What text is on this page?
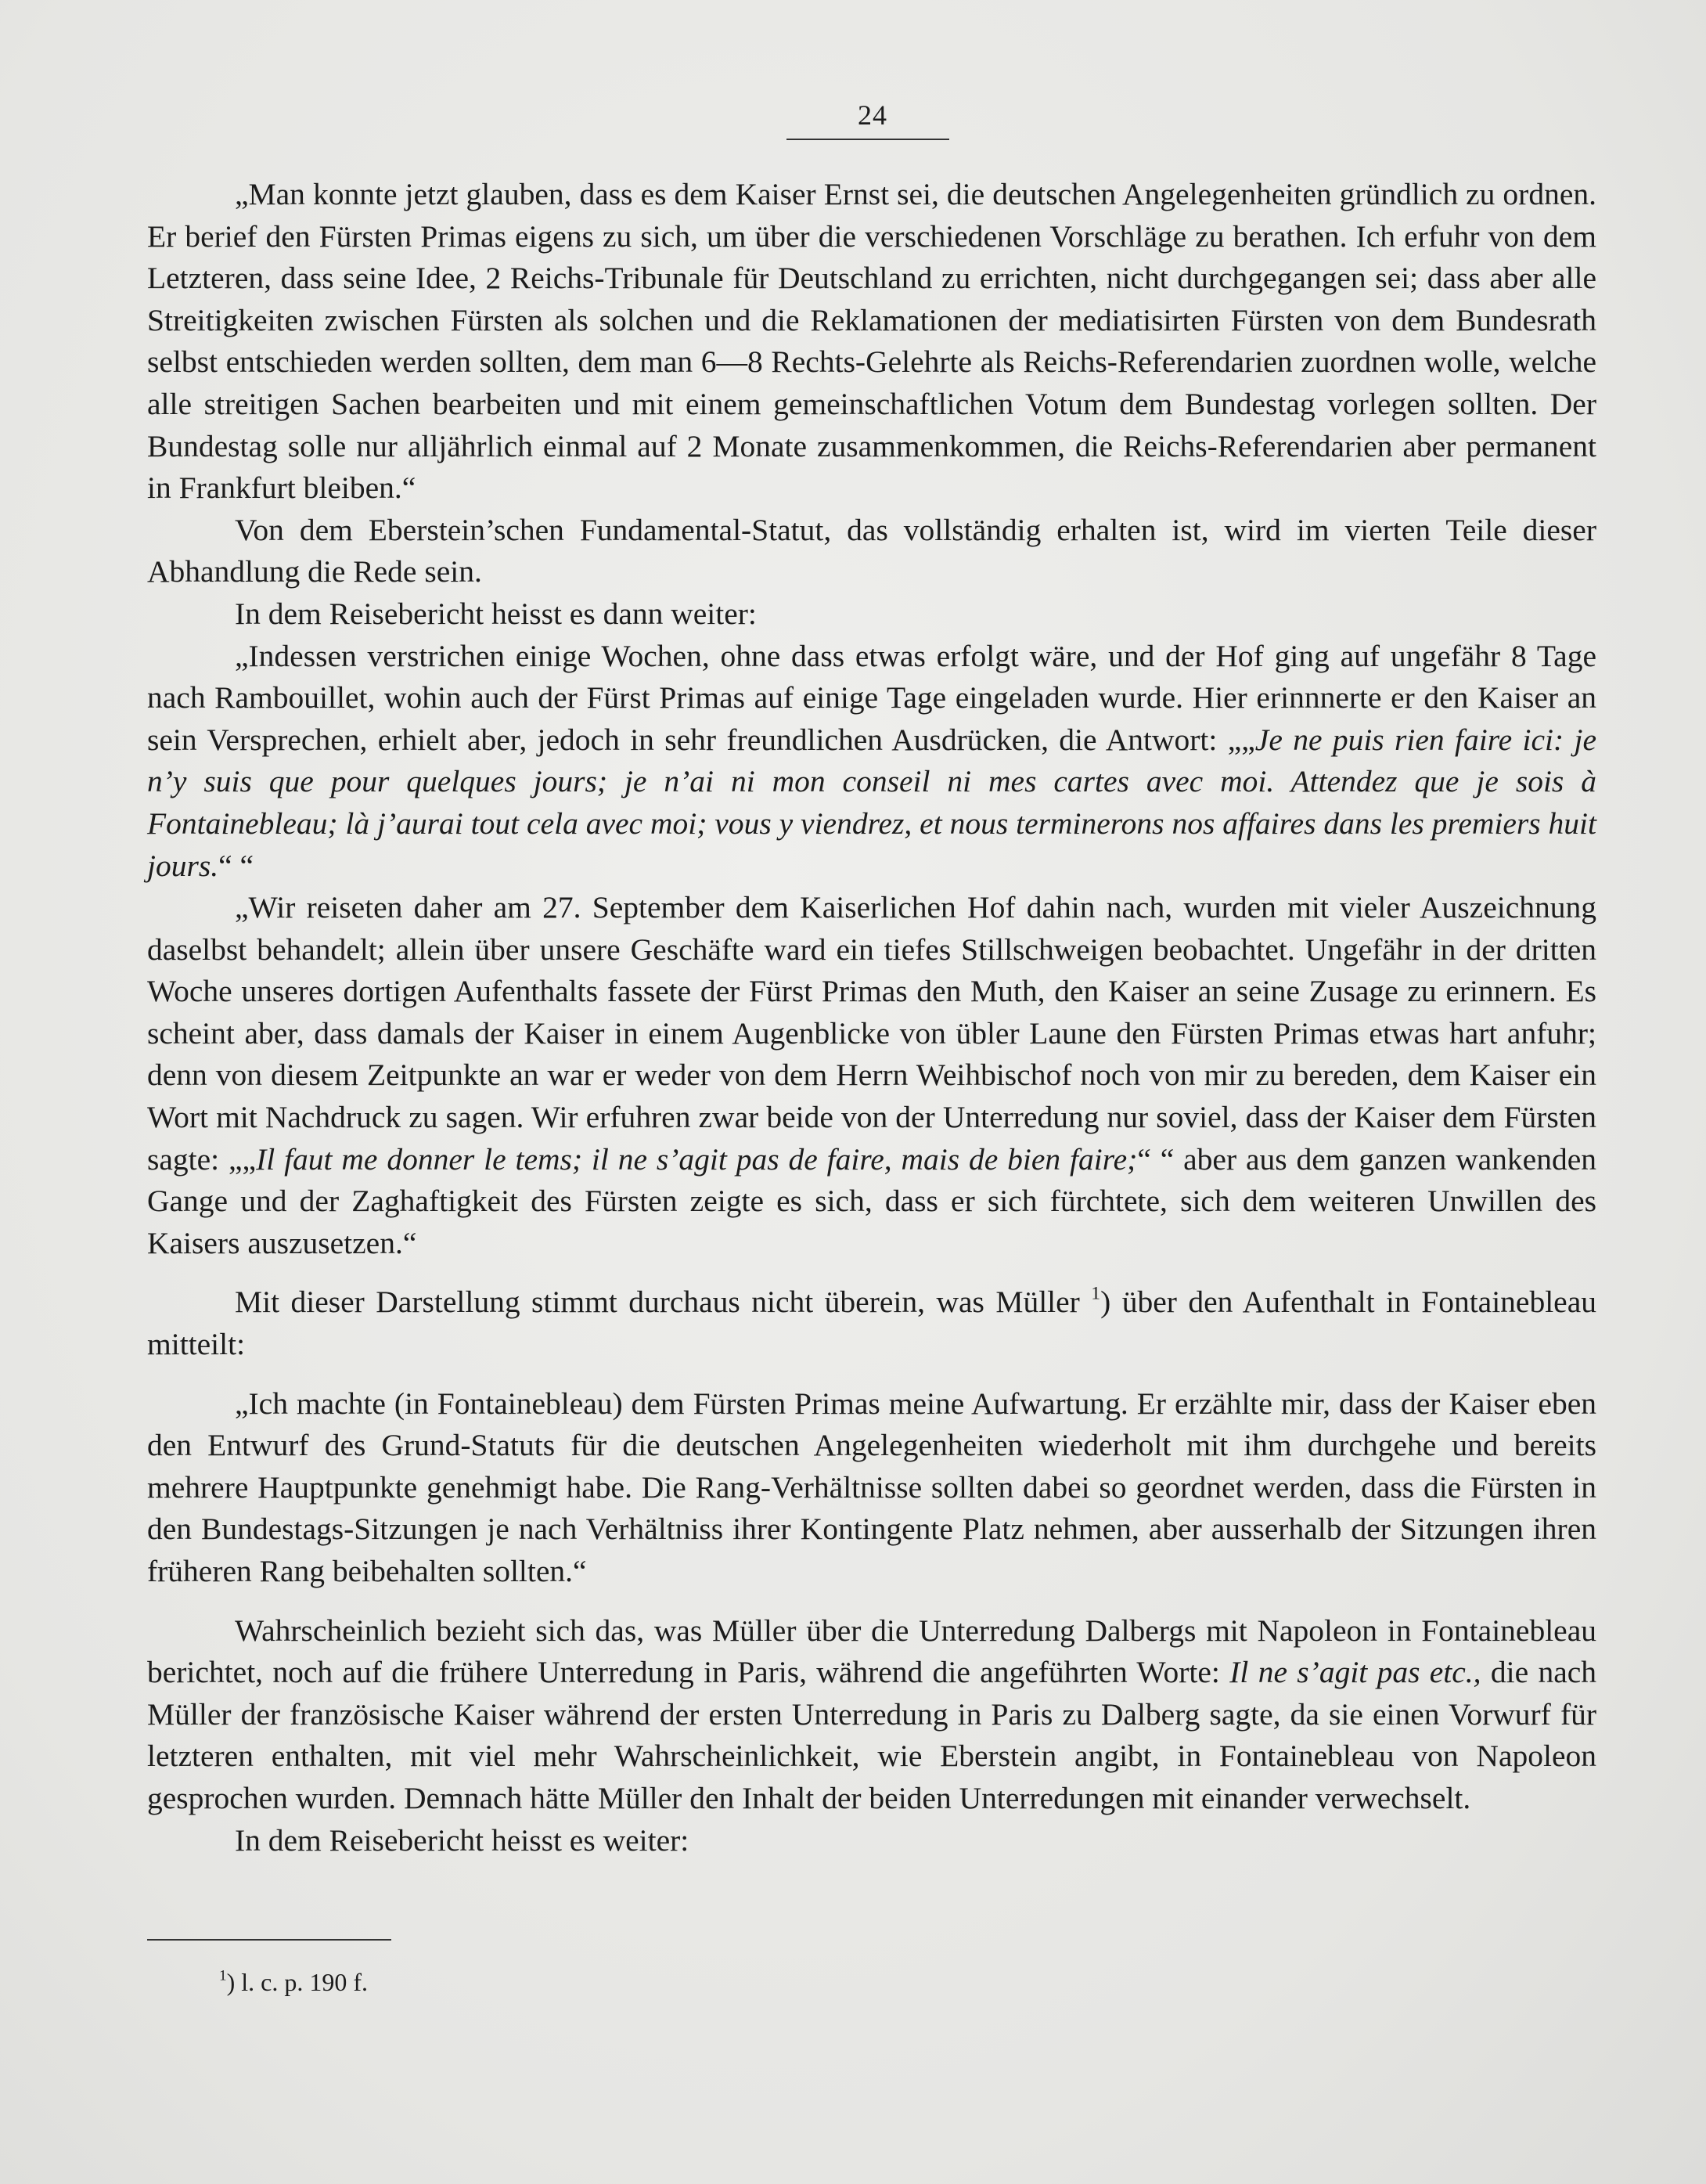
24

„Man konnte jetzt glauben, dass es dem Kaiser Ernst sei, die deutschen Angelegenheiten gründlich zu ordnen. Er berief den Fürsten Primas eigens zu sich, um über die verschiedenen Vorschläge zu berathen. Ich erfuhr von dem Letzteren, dass seine Idee, 2 Reichs-Tribunale für Deutschland zu errichten, nicht durchgegangen sei; dass aber alle Streitigkeiten zwischen Fürsten als solchen und die Reklamationen der mediatisirten Fürsten von dem Bundesrath selbst entschieden werden sollten, dem man 6—8 Rechts-Gelehrte als Reichs-Referendarien zuordnen wolle, welche alle streitigen Sachen bearbeiten und mit einem gemeinschaftlichen Votum dem Bundestag vorlegen sollten. Der Bundestag solle nur alljährlich einmal auf 2 Monate zusammenkommen, die Reichs-Referendarien aber permanent in Frankfurt bleiben.“

Von dem Eberstein’schen Fundamental-Statut, das vollständig erhalten ist, wird im vierten Teile dieser Abhandlung die Rede sein.

In dem Reisebericht heisst es dann weiter:

„Indessen verstrichen einige Wochen, ohne dass etwas erfolgt wäre, und der Hof ging auf ungefähr 8 Tage nach Rambouillet, wohin auch der Fürst Primas auf einige Tage eingeladen wurde. Hier erinnnerte er den Kaiser an sein Versprechen, erhielt aber, jedoch in sehr freundlichen Ausdrücken, die Antwort: „„Je ne puis rien faire ici: je n’y suis que pour quelques jours; je n’ai ni mon conseil ni mes cartes avec moi. Attendez que je sois à Fontainebleau; là j’aurai tout cela avec moi; vous y viendrez, et nous terminerons nos affaires dans les premiers huit jours.“ “

„Wir reiseten daher am 27. September dem Kaiserlichen Hof dahin nach, wurden mit vieler Auszeichnung daselbst behandelt; allein über unsere Geschäfte ward ein tiefes Stillschweigen beobachtet. Ungefähr in der dritten Woche unseres dortigen Aufenthalts fassete der Fürst Primas den Muth, den Kaiser an seine Zusage zu erinnern. Es scheint aber, dass damals der Kaiser in einem Augenblicke von übler Laune den Fürsten Primas etwas hart anfuhr; denn von diesem Zeitpunkte an war er weder von dem Herrn Weihbischof noch von mir zu bereden, dem Kaiser ein Wort mit Nachdruck zu sagen. Wir erfuhren zwar beide von der Unterredung nur soviel, dass der Kaiser dem Fürsten sagte: „„Il faut me donner le tems; il ne s’agit pas de faire, mais de bien faire;“ “ aber aus dem ganzen wankenden Gange und der Zaghaftigkeit des Fürsten zeigte es sich, dass er sich fürchtete, sich dem weiteren Unwillen des Kaisers auszusetzen.“

Mit dieser Darstellung stimmt durchaus nicht überein, was Müller $^1$) über den Aufenthalt in Fontainebleau mitteilt:

„Ich machte (in Fontainebleau) dem Fürsten Primas meine Aufwartung. Er erzählte mir, dass der Kaiser eben den Entwurf des Grund-Statuts für die deutschen Angelegenheiten wiederholt mit ihm durchgehe und bereits mehrere Hauptpunkte genehmigt habe. Die Rang-Verhältnisse sollten dabei so geordnet werden, dass die Fürsten in den Bundestags-Sitzungen je nach Verhältniss ihrer Kontingente Platz nehmen, aber ausserhalb der Sitzungen ihren früheren Rang beibehalten sollten.“

Wahrscheinlich bezieht sich das, was Müller über die Unterredung Dalbergs mit Napoleon in Fontainebleau berichtet, noch auf die frühere Unterredung in Paris, während die angeführten Worte: Il ne s’agit pas etc., die nach Müller der französische Kaiser während der ersten Unterredung in Paris zu Dalberg sagte, da sie einen Vorwurf für letzteren enthalten, mit viel mehr Wahrscheinlichkeit, wie Eberstein angibt, in Fontainebleau von Napoleon gesprochen wurden. Demnach hätte Müller den Inhalt der beiden Unterredungen mit einander verwechselt.

In dem Reisebericht heisst es weiter:

$^1$) l. c. p. 190 f.
